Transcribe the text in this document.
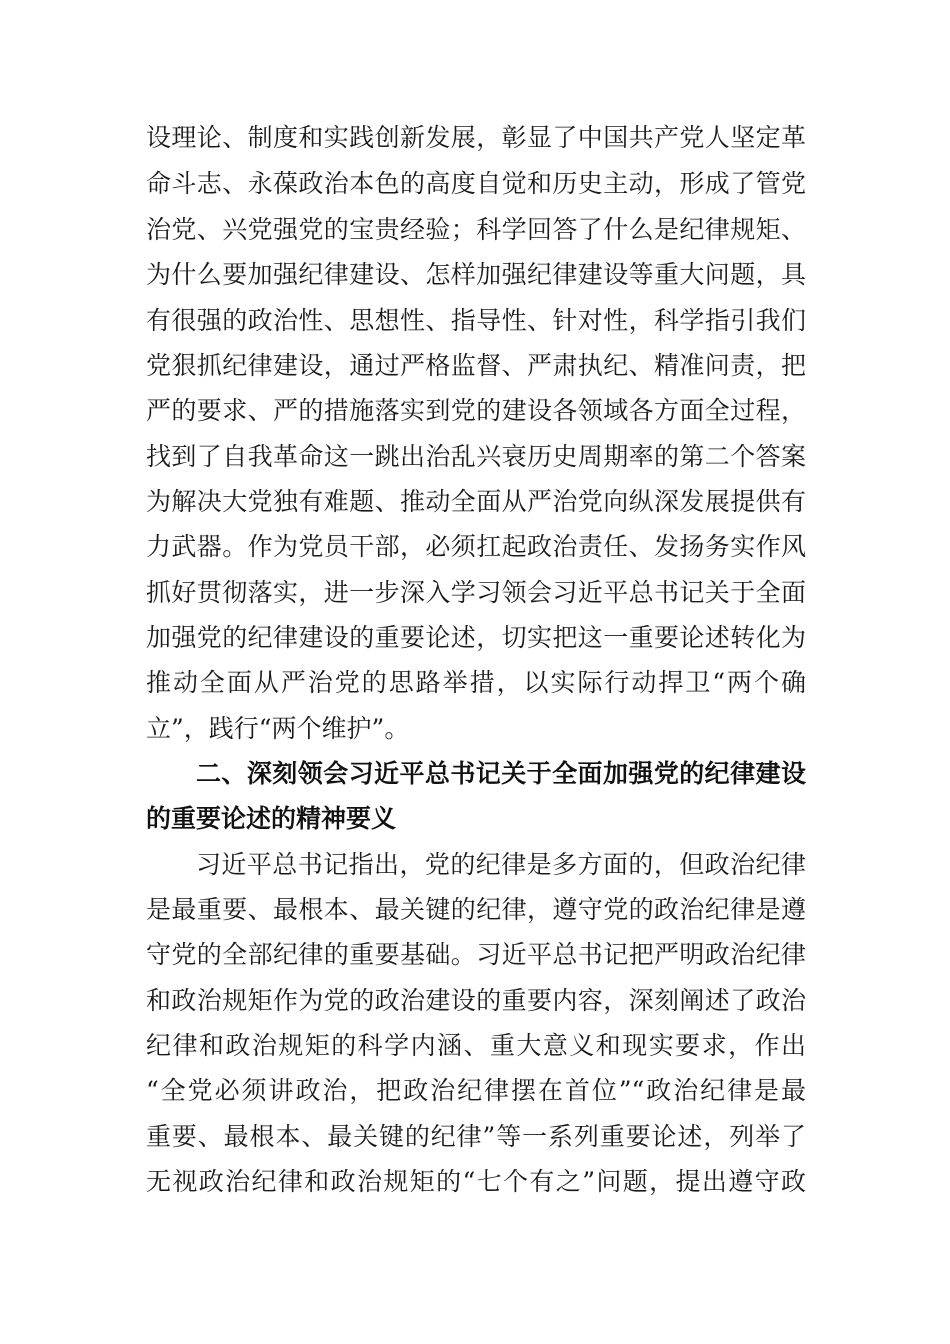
设理论、制度和实践创新发展，彰显了中国共产党人坚定革
命斗志、永葆政治本色的高度自觉和历史主动，形成了管党
治党、兴党强党的宝贵经验；科学回答了什么是纪律规矩、
为什么要加强纪律建设、怎样加强纪律建设等重大问题，具
有很强的政治性、思想性、指导性、针对性，科学指引我们
党狠抓纪律建设，通过严格监督、严肃执纪、精准问责，把
严的要求、严的措施落实到党的建设各领域各方面全过程，
找到了自我革命这一跳出治乱兴衰历史周期率的第二个答案
为解决大党独有难题、推动全面从严治党向纵深发展提供有
力武器。作为党员干部，必须扛起政治责任、发扬务实作风
抓好贯彻落实，进一步深入学习领会习近平总书记关于全面
加强党的纪律建设的重要论述，切实把这一重要论述转化为
推动全面从严治党的思路举措，以实际行动捍卫“两个确
立”，践行“两个维护”。
二、深刻领会习近平总书记关于全面加强党的纪律建设
的重要论述的精神要义
习近平总书记指出，党的纪律是多方面的，但政治纪律
是最重要、最根本、最关键的纪律，遵守党的政治纪律是遵
守党的全部纪律的重要基础。习近平总书记把严明政治纪律
和政治规矩作为党的政治建设的重要内容，深刻阐述了政治
纪律和政治规矩的科学内涵、重大意义和现实要求，作出
“全党必须讲政治，把政治纪律摆在首位”“政治纪律是最
重要、最根本、最关键的纪律”等一系列重要论述，列举了
无视政治纪律和政治规矩的“七个有之”问题，提出遵守政
